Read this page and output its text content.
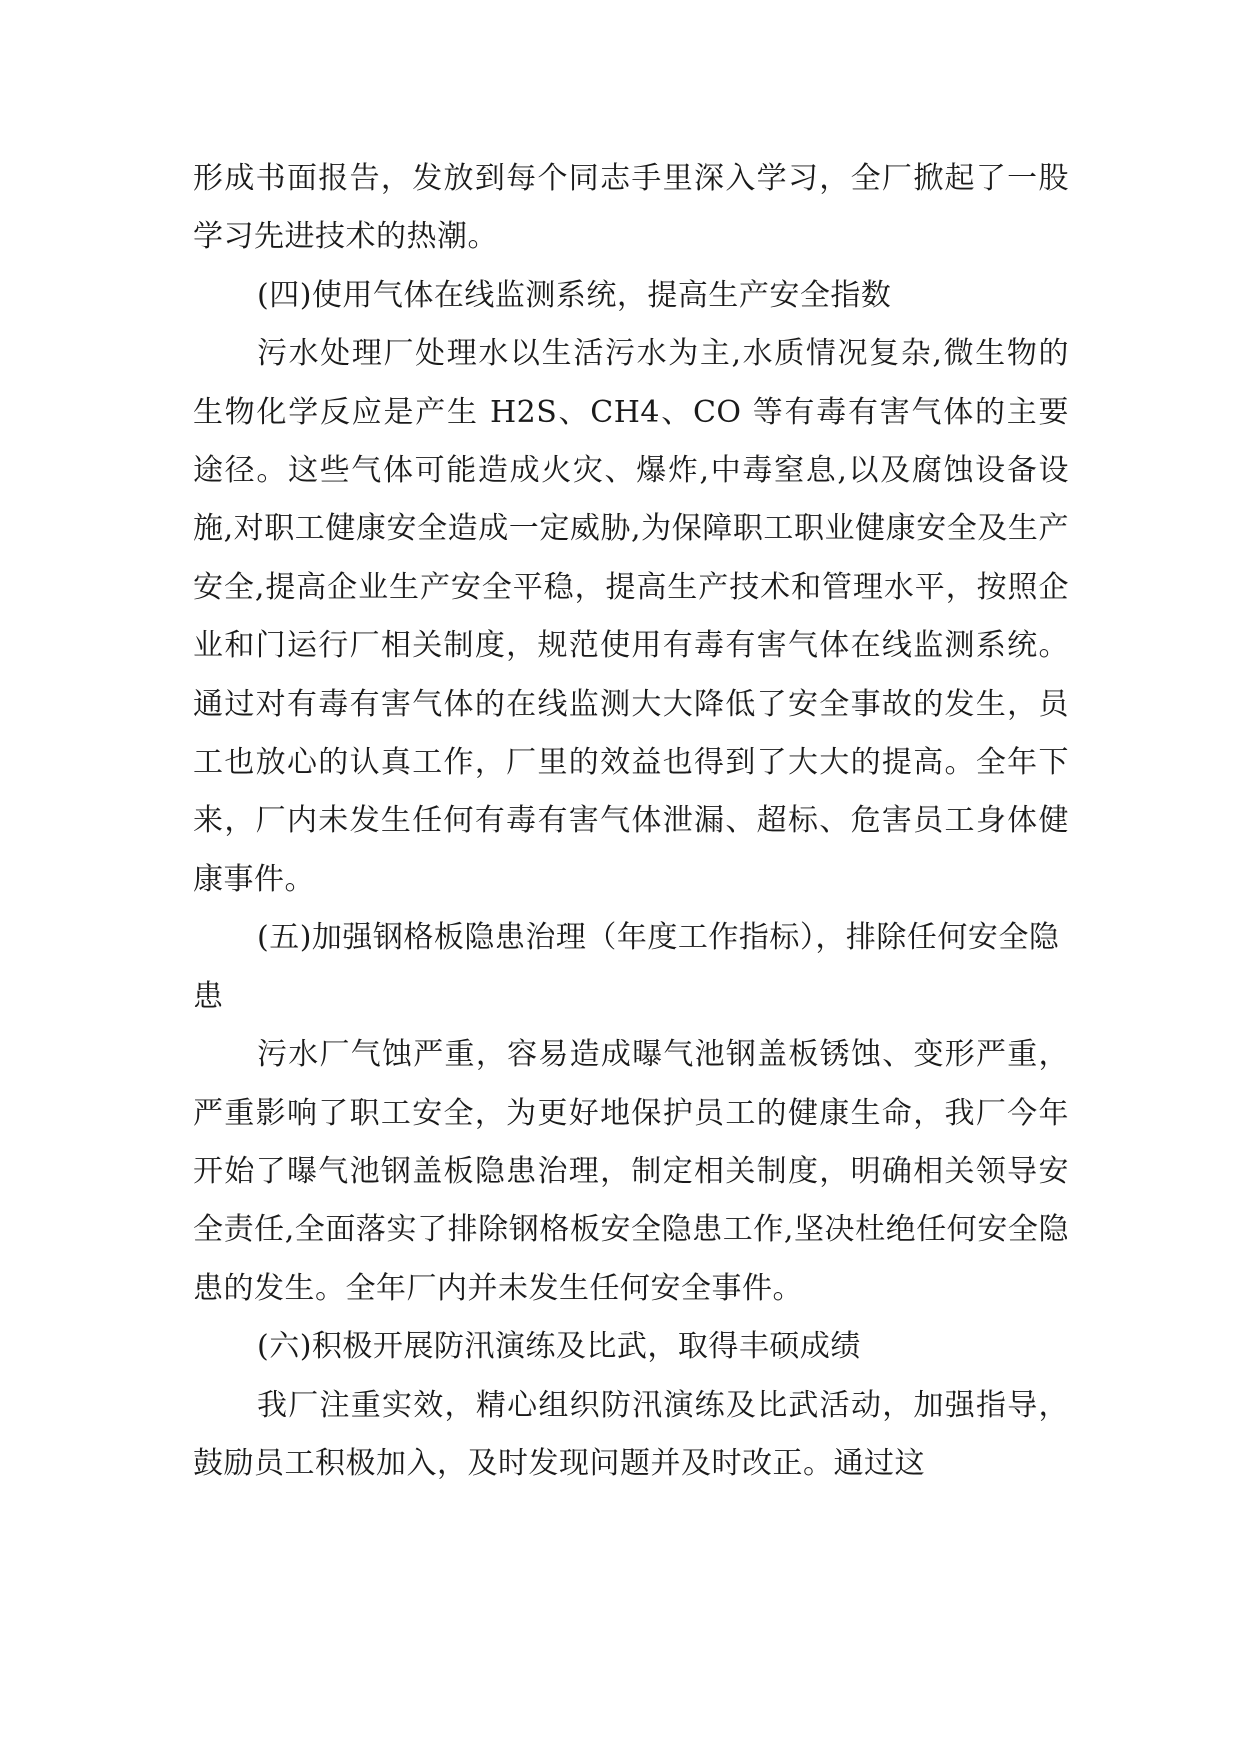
形成书面报告，发放到每个同志手里深入学习，全厂掀起了一股学习先进技术的热潮。

(四)使用气体在线监测系统，提高生产安全指数

污水处理厂处理水以生活污水为主,水质情况复杂,微生物的生物化学反应是产生 H2S、CH4、CO 等有毒有害气体的主要途径。这些气体可能造成火灾、爆炸,中毒窒息,以及腐蚀设备设施,对职工健康安全造成一定威胁,为保障职工职业健康安全及生产安全,提高企业生产安全平稳，提高生产技术和管理水平，按照企业和门运行厂相关制度，规范使用有毒有害气体在线监测系统。通过对有毒有害气体的在线监测大大降低了安全事故的发生，员工也放心的认真工作，厂里的效益也得到了大大的提高。全年下来，厂内未发生任何有毒有害气体泄漏、超标、危害员工身体健康事件。

(五)加强钢格板隐患治理（年度工作指标），排除任何安全隐患

污水厂气蚀严重，容易造成曝气池钢盖板锈蚀、变形严重，严重影响了职工安全，为更好地保护员工的健康生命，我厂今年开始了曝气池钢盖板隐患治理，制定相关制度，明确相关领导安全责任,全面落实了排除钢格板安全隐患工作,坚决杜绝任何安全隐患的发生。全年厂内并未发生任何安全事件。

(六)积极开展防汛演练及比武，取得丰硕成绩

我厂注重实效，精心组织防汛演练及比武活动，加强指导，鼓励员工积极加入，及时发现问题并及时改正。通过这
